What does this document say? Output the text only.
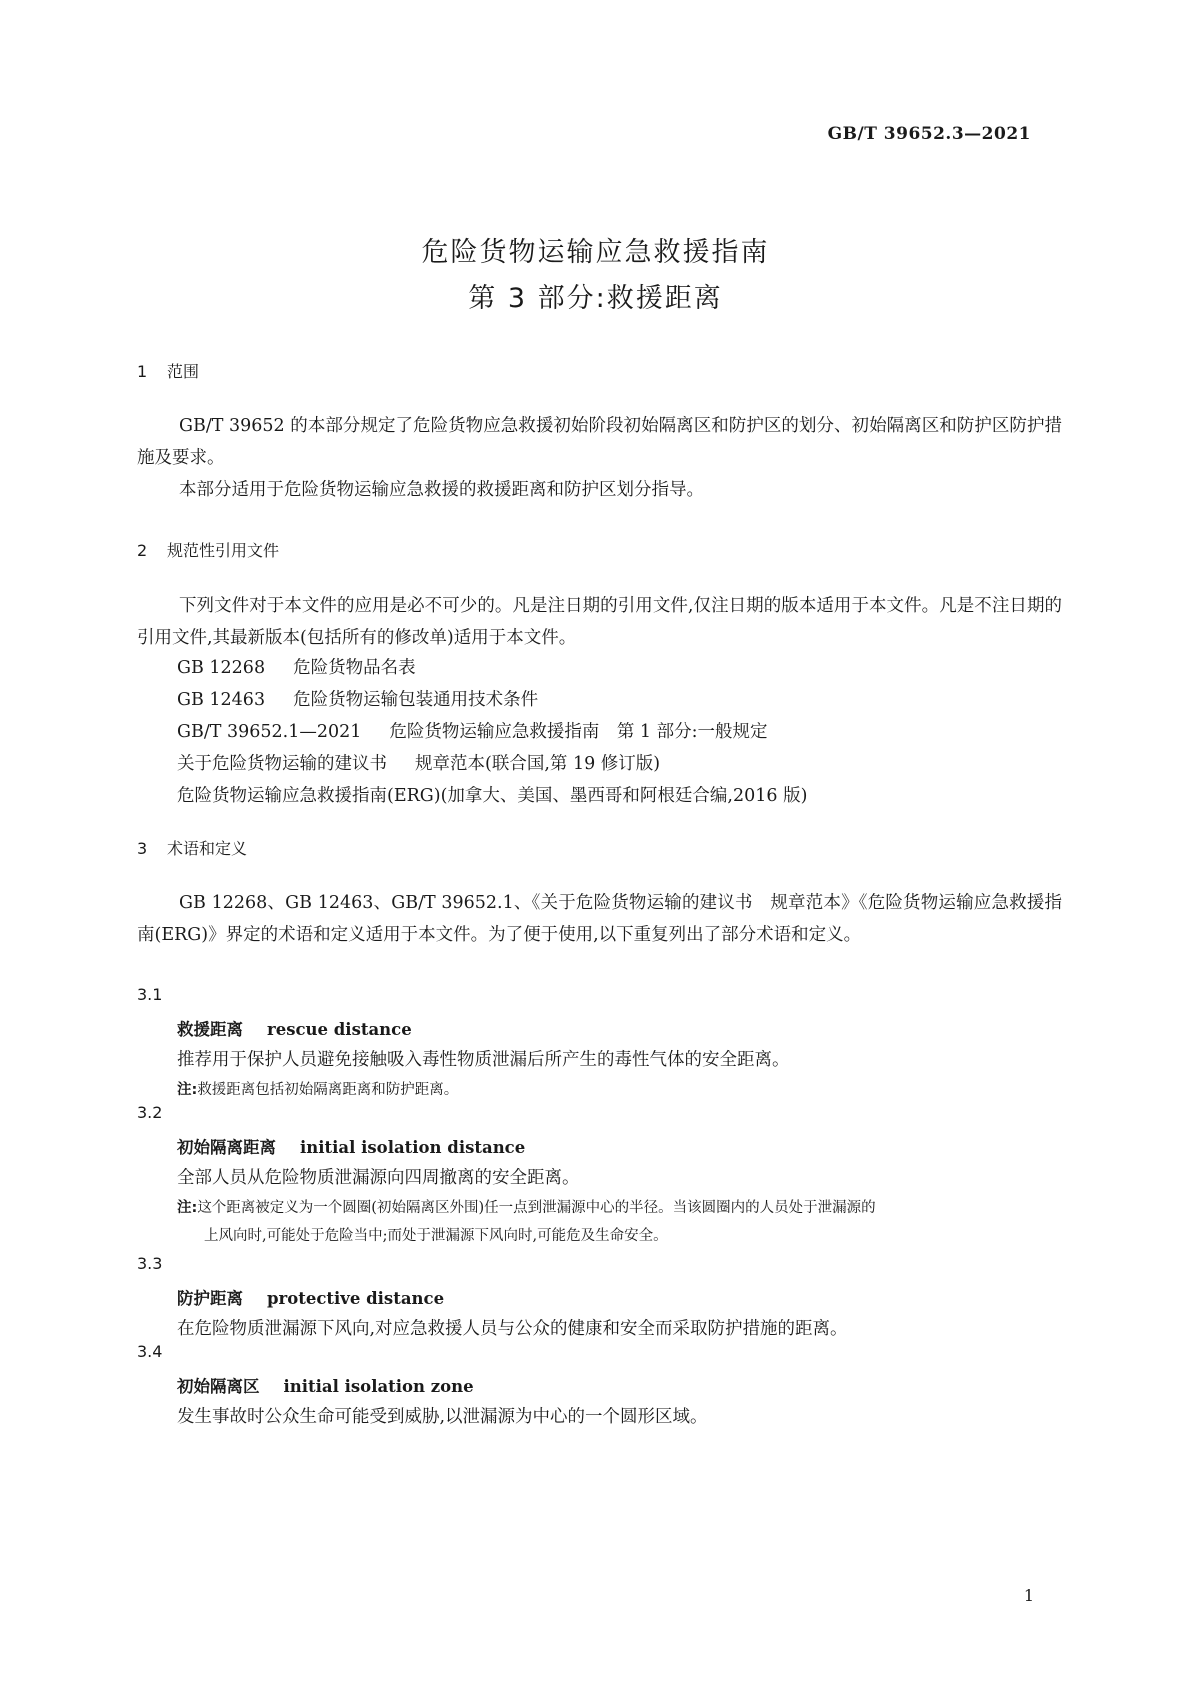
GB/T 39652.3—2021
危险货物运输应急救援指南
第 3 部分:救援距离
1 范围

GB/T 39652 的本部分规定了危险货物应急救援初始阶段初始隔离区和防护区的划分、初始隔离区和防护区防护措施及要求。

本部分适用于危险货物运输应急救援的救援距离和防护区划分指导。

2 规范性引用文件

下列文件对于本文件的应用是必不可少的。凡是注日期的引用文件,仅注日期的版本适用于本文件。凡是不注日期的引用文件,其最新版本(包括所有的修改单)适用于本文件。

GB 12268 危险货物品名表
GB 12463 危险货物运输包装通用技术条件
GB/T 39652.1—2021 危险货物运输应急救援指南　第 1 部分:一般规定
关于危险货物运输的建议书 规章范本(联合国,第 19 修订版)
危险货物运输应急救援指南(ERG)(加拿大、美国、墨西哥和阿根廷合编,2016 版)
3 术语和定义

GB 12268、GB 12463、GB/T 39652.1、《关于危险货物运输的建议书　规章范本》《危险货物运输应急救援指南(ERG)》界定的术语和定义适用于本文件。为了便于使用,以下重复列出了部分术语和定义。

3.1
救援距离 rescue distance
推荐用于保护人员避免接触吸入毒性物质泄漏后所产生的毒性气体的安全距离。
注:救援距离包括初始隔离距离和防护距离。
3.2
初始隔离距离 initial isolation distance
全部人员从危险物质泄漏源向四周撤离的安全距离。
注:这个距离被定义为一个圆圈(初始隔离区外围)任一点到泄漏源中心的半径。当该圆圈内的人员处于泄漏源的
上风向时,可能处于危险当中;而处于泄漏源下风向时,可能危及生命安全。
3.3
防护距离 protective distance
在危险物质泄漏源下风向,对应急救援人员与公众的健康和安全而采取防护措施的距离。
3.4
初始隔离区 initial isolation zone
发生事故时公众生命可能受到威胁,以泄漏源为中心的一个圆形区域。
1
